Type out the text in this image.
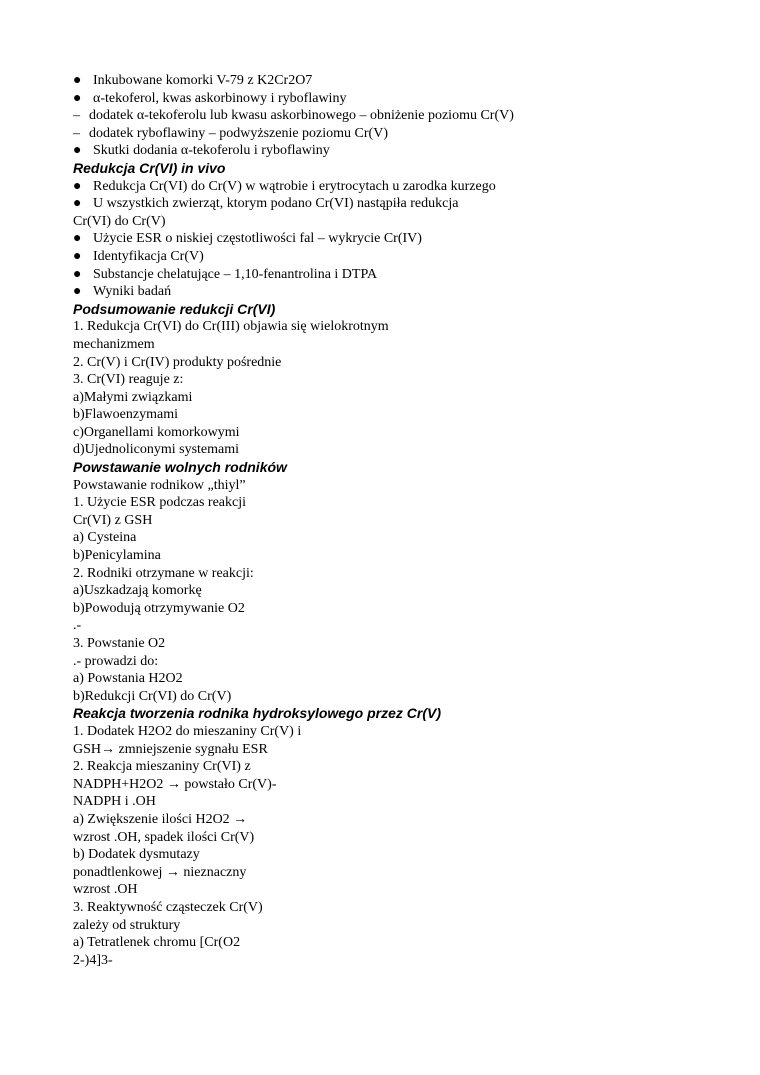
● Inkubowane komorki V-79 z K2Cr2O7
● α-tekoferol, kwas askorbinowy i ryboflawiny
– dodatek α-tekoferolu lub kwasu askorbinowego – obniżenie poziomu Cr(V)
– dodatek ryboflawiny – podwyższenie poziomu Cr(V)
● Skutki dodania α-tekoferolu i ryboflawiny
Redukcja Cr(VI) in vivo
● Redukcja Cr(VI) do Cr(V) w wątrobie i erytrocytach u zarodka kurzego
● U wszystkich zwierząt, ktorym podano Cr(VI) nastąpiła redukcja
Cr(VI) do Cr(V)
● Użycie ESR o niskiej częstotliwości fal – wykrycie Cr(IV)
● Identyfikacja Cr(V)
● Substancje chelatujące – 1,10-fenantrolina i DTPA
● Wyniki badań
Podsumowanie redukcji Cr(VI)
1. Redukcja Cr(VI) do Cr(III) objawia się wielokrotnym
mechanizmem
2. Cr(V) i Cr(IV) produkty pośrednie
3. Cr(VI) reaguje z:
a)Małymi związkami
b)Flawoenzymami
c)Organellami komorkowymi
d)Ujednoliconymi systemami
Powstawanie wolnych rodników
Powstawanie rodnikow „thiyl”
1. Użycie ESR podczas reakcji
Cr(VI) z GSH
a) Cysteina
b)Penicylamina
2. Rodniki otrzymane w reakcji:
a)Uszkadzają komorkę
b)Powodują otrzymywanie O2
.-
3. Powstanie O2
.- prowadzi do:
a) Powstania H2O2
b)Redukcji Cr(VI) do Cr(V)
Reakcja tworzenia rodnika hydroksylowego przez Cr(V)
1. Dodatek H2O2 do mieszaniny Cr(V) i
GSH→ zmniejszenie sygnału ESR
2. Reakcja mieszaniny Cr(VI) z
NADPH+H2O2 → powstało Cr(V)-
NADPH i .OH
a) Zwiększenie ilości H2O2 →
wzrost .OH, spadek ilości Cr(V)
b) Dodatek dysmutazy
ponadtlenkowej → nieznaczny
wzrost .OH
3. Reaktywność cząsteczek Cr(V)
zależy od struktury
a) Tetratlenek chromu [Cr(O2
2-)4]3-
